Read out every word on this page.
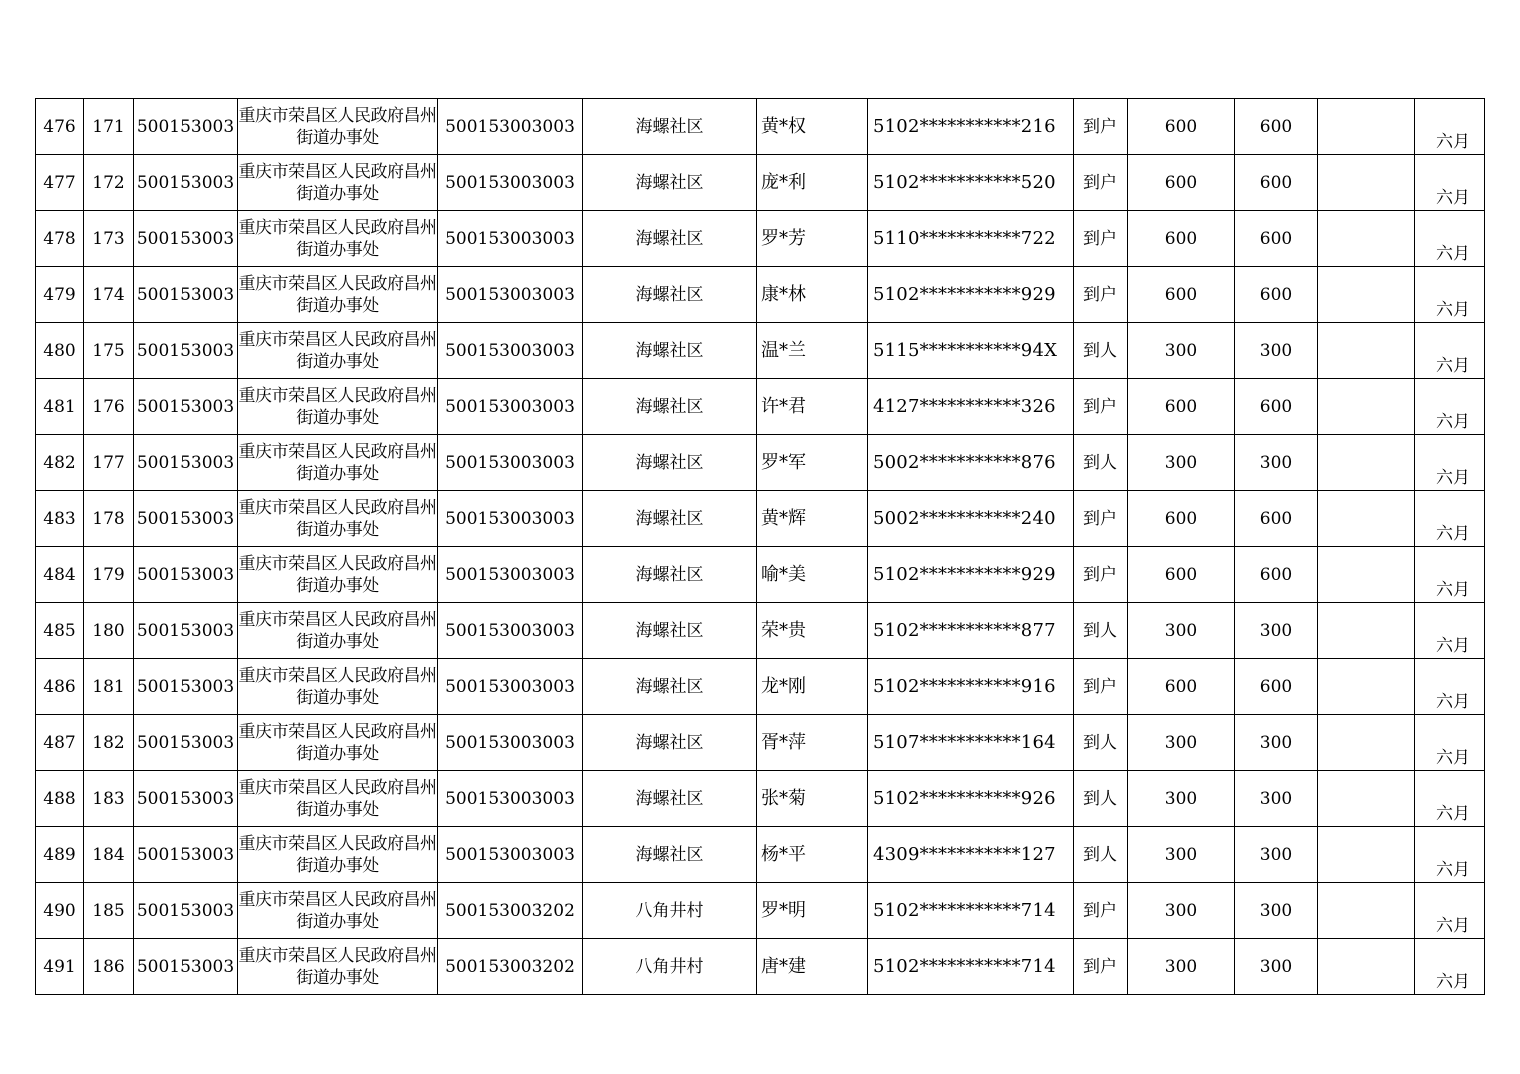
476	171	500153003	重庆市荣昌区人民政府昌州街道办事处	500153003003	海螺社区	黄*权	5102***********216	到户	600	600		六月
477	172	500153003	重庆市荣昌区人民政府昌州街道办事处	500153003003	海螺社区	庞*利	5102***********520	到户	600	600		六月
478	173	500153003	重庆市荣昌区人民政府昌州街道办事处	500153003003	海螺社区	罗*芳	5110***********722	到户	600	600		六月
479	174	500153003	重庆市荣昌区人民政府昌州街道办事处	500153003003	海螺社区	康*林	5102***********929	到户	600	600		六月
480	175	500153003	重庆市荣昌区人民政府昌州街道办事处	500153003003	海螺社区	温*兰	5115***********94X	到人	300	300		六月
481	176	500153003	重庆市荣昌区人民政府昌州街道办事处	500153003003	海螺社区	许*君	4127***********326	到户	600	600		六月
482	177	500153003	重庆市荣昌区人民政府昌州街道办事处	500153003003	海螺社区	罗*军	5002***********876	到人	300	300		六月
483	178	500153003	重庆市荣昌区人民政府昌州街道办事处	500153003003	海螺社区	黄*辉	5002***********240	到户	600	600		六月
484	179	500153003	重庆市荣昌区人民政府昌州街道办事处	500153003003	海螺社区	喻*美	5102***********929	到户	600	600		六月
485	180	500153003	重庆市荣昌区人民政府昌州街道办事处	500153003003	海螺社区	荣*贵	5102***********877	到人	300	300		六月
486	181	500153003	重庆市荣昌区人民政府昌州街道办事处	500153003003	海螺社区	龙*刚	5102***********916	到户	600	600		六月
487	182	500153003	重庆市荣昌区人民政府昌州街道办事处	500153003003	海螺社区	胥*萍	5107***********164	到人	300	300		六月
488	183	500153003	重庆市荣昌区人民政府昌州街道办事处	500153003003	海螺社区	张*菊	5102***********926	到人	300	300		六月
489	184	500153003	重庆市荣昌区人民政府昌州街道办事处	500153003003	海螺社区	杨*平	4309***********127	到人	300	300		六月
490	185	500153003	重庆市荣昌区人民政府昌州街道办事处	500153003202	八角井村	罗*明	5102***********714	到户	300	300		六月
491	186	500153003	重庆市荣昌区人民政府昌州街道办事处	500153003202	八角井村	唐*建	5102***********714	到户	300	300		六月
